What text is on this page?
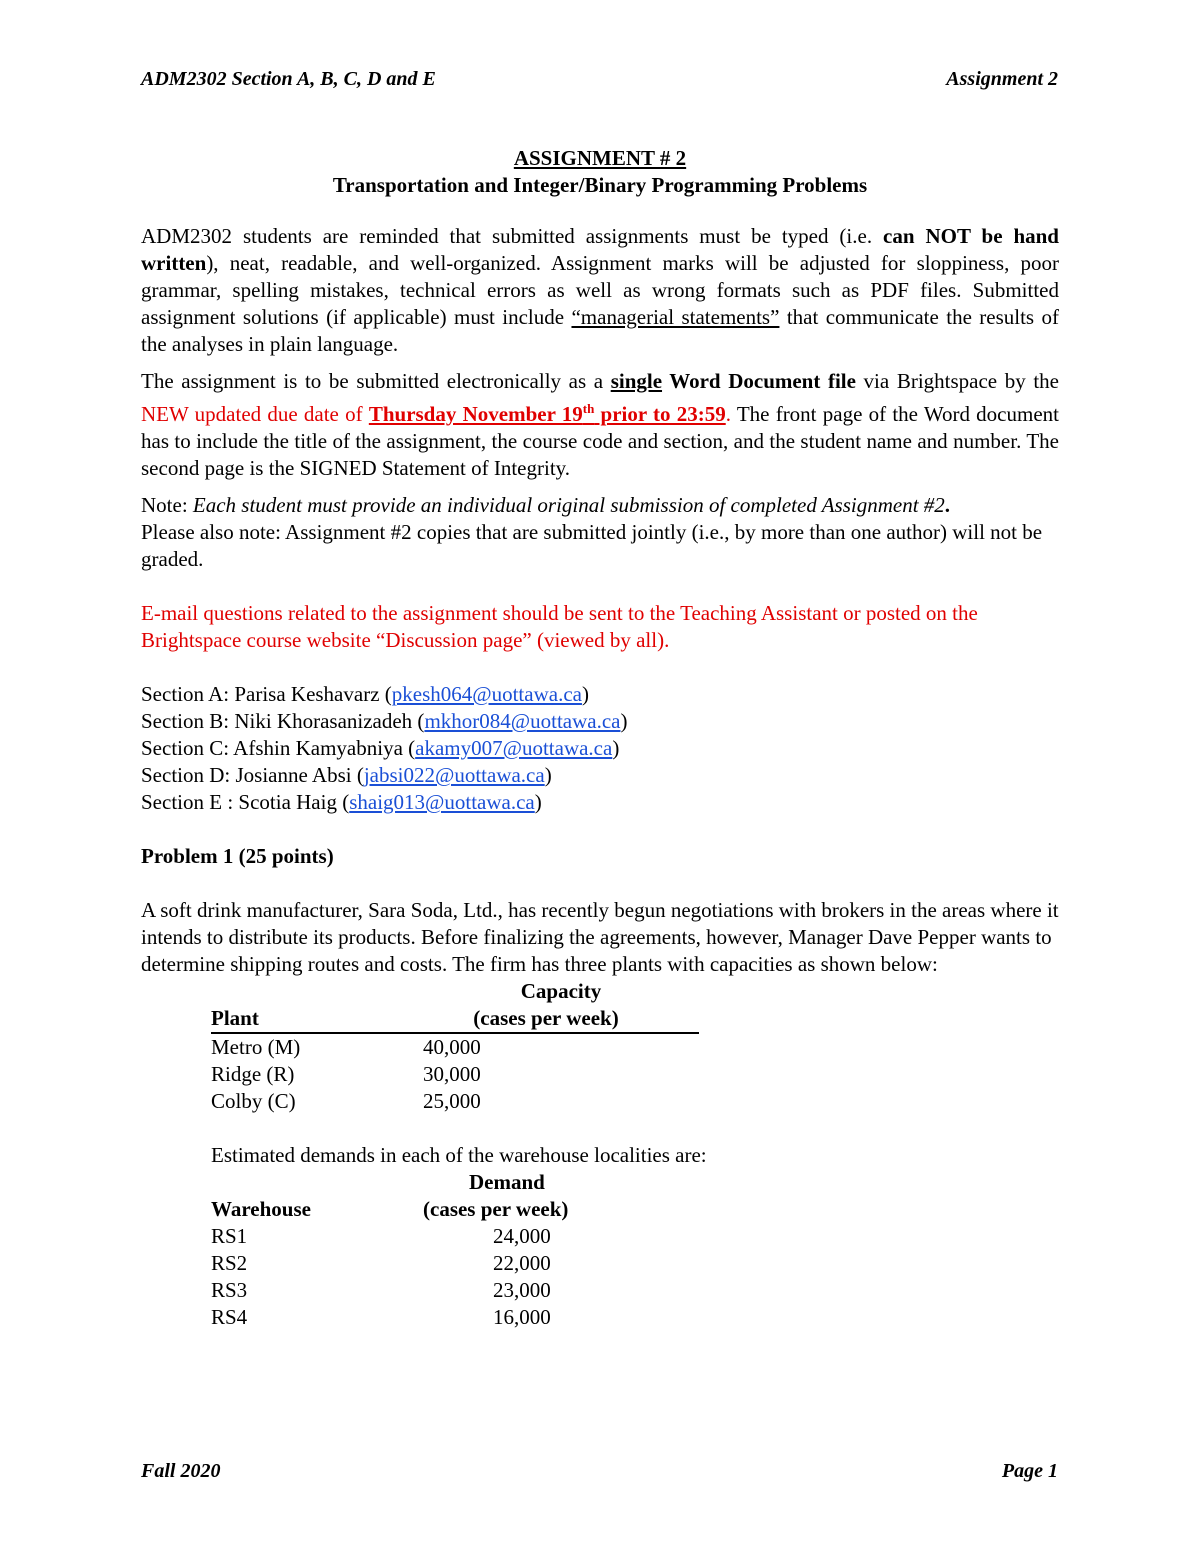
ADM2302 Section A, B, C, D and E	Assignment 2
ASSIGNMENT # 2
Transportation and Integer/Binary Programming Problems

ADM2302 students are reminded that submitted assignments must be typed (i.e. can NOT be hand written), neat, readable, and well-organized. Assignment marks will be adjusted for sloppiness, poor grammar, spelling mistakes, technical errors as well as wrong formats such as PDF files. Submitted assignment solutions (if applicable) must include “managerial statements” that communicate the results of the analyses in plain language.

The assignment is to be submitted electronically as a single Word Document file via Brightspace by the NEW updated due date of Thursday November 19th prior to 23:59. The front page of the Word document has to include the title of the assignment, the course code and section, and the student name and number. The second page is the SIGNED Statement of Integrity.

Note: Each student must provide an individual original submission of completed Assignment #2.
Please also note: Assignment #2 copies that are submitted jointly (i.e., by more than one author) will not be graded.

E-mail questions related to the assignment should be sent to the Teaching Assistant or posted on the Brightspace course website “Discussion page” (viewed by all).

Section A: Parisa Keshavarz (pkesh064@uottawa.ca)
Section B: Niki Khorasanizadeh (mkhor084@uottawa.ca)
Section C: Afshin Kamyabniya (akamy007@uottawa.ca)
Section D: Josianne Absi (jabsi022@uottawa.ca)
Section E : Scotia Haig (shaig013@uottawa.ca)

Problem 1 (25 points)

A soft drink manufacturer, Sara Soda, Ltd., has recently begun negotiations with brokers in the areas where it intends to distribute its products. Before finalizing the agreements, however, Manager Dave Pepper wants to determine shipping routes and costs. The firm has three plants with capacities as shown below:

	Capacity
Plant	(cases per week)
Metro (M)	40,000
Ridge (R)	30,000
Colby (C)	25,000

Estimated demands in each of the warehouse localities are:

	Demand
Warehouse	(cases per week)
RS1	24,000
RS2	22,000
RS3	23,000
RS4	16,000
Fall 2020	Page 1
